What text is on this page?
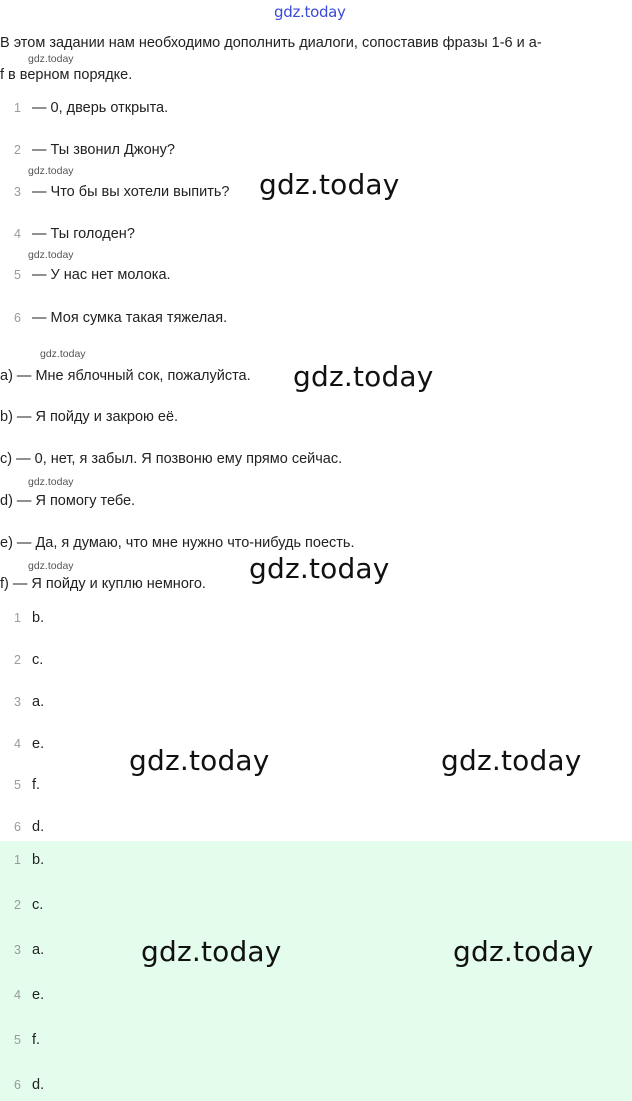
gdz.today
В этом задании нам необходимо дополнить диалоги, сопоставив фразы 1-6 и a-
gdz.today
f в верном порядке.
1 — 0, дверь открыта.
2 — Ты звонил Джону?
gdz.today
3 — Что бы вы хотели выпить? gdz.today
4 — Ты голоден?
gdz.today
5 — У нас нет молока.
6 — Моя сумка такая тяжелая.
gdz.today
a) — Мне яблочный сок, пожалуйста. gdz.today
b) — Я пойду и закрою её.
c) — 0, нет, я забыл. Я позвоню ему прямо сейчас.
gdz.today
d) — Я помогу тебе.
e) — Да, я думаю, что мне нужно что-нибудь поесть.
gdz.today
f) — Я пойду и куплю немного. gdz.today
1 b.
2 c.
3 a.
4 e.	gdz.today	gdz.today
5 f.
6 d.
1 b.
2 c.
3 a.	gdz.today	gdz.today
4 e.
5 f.
6 d.
